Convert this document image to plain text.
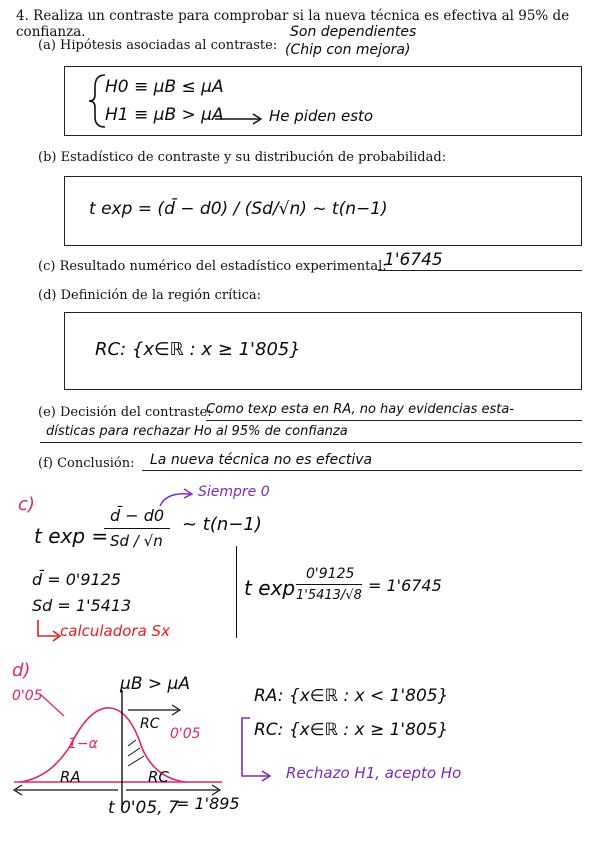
4. Realiza un contraste para comprobar si la nueva técnica es efectiva al 95% de confianza.
(a) Hipótesis asociadas al contraste:
Son dependientes
(Chip con mejora)
H0 ≡ μB ≤ μA
H1 ≡ μB > μA	He piden esto
(b) Estadístico de contraste y su distribución de probabilidad:
t exp = (d̄ − d0) / (Sd/√n) ~ t(n−1)
(c) Resultado numérico del estadístico experimental:
1'6745
(d) Definición de la región crítica:
RC: {x∈ℝ : x ≥ 1'805}
(e) Decisión del contraste:
Como texp esta en RA, no hay evidencias esta-
dísticas para rechazar Ho al 95% de confianza
(f) Conclusión: La nueva técnica no es efectiva
c)
t exp =
d̄ − d0
Sd / √n
~ t(n−1)
Siempre 0
d̄ = 0'9125
Sd = 1'5413
calculadora Sx
t exp
0'9125
1'5413/√8
= 1'6745
d)
μB > μA
0'05
1−α
RC
0'05
RA	RC
t 0'05, 7
= 1'895
RA: {x∈ℝ : x < 1'805}
RC: {x∈ℝ : x ≥ 1'805}
Rechazo H1, acepto Ho
